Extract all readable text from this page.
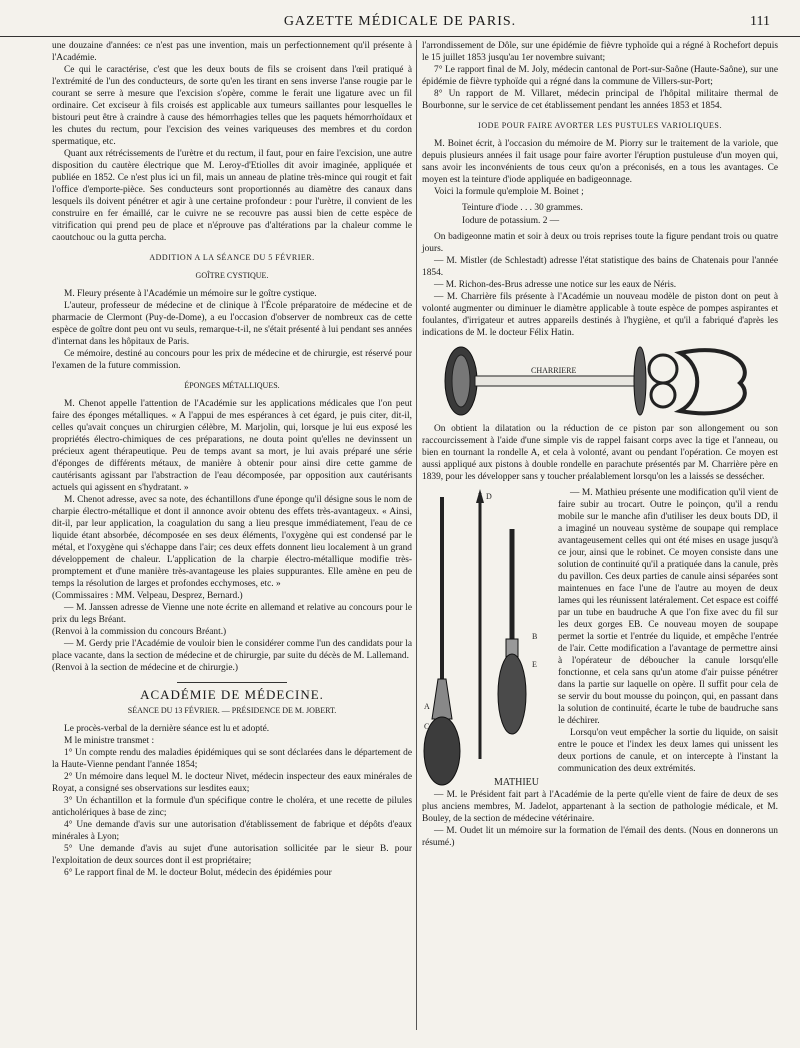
GAZETTE MÉDICALE DE PARIS.	111

une douzaine d'années: ce n'est pas une invention, mais un perfectionnement qu'il présente à l'Académie.

Ce qui le caractérise, c'est que les deux bouts de fils se croisent dans l'œil pratiqué à l'extrémité de l'un des conducteurs, de sorte qu'en les tirant en sens inverse l'anse rougie par le courant se serre à mesure que l'excision s'opère, comme le ferait une ligature avec un fil ordinaire. Cet exciseur à fils croisés est applicable aux tumeurs saillantes pour lesquelles le bistouri peut être à craindre à cause des hémorrhagies telles que les paquets hémorrhoïdaux et les chutes du rectum, pour l'excision des veines variqueuses des membres et du cordon spermatique, etc.

Quant aux rétrécissements de l'urètre et du rectum, il faut, pour en faire l'excision, une autre disposition du cautère électrique que M. Leroy-d'Etiolles dit avoir imaginée, appliquée et publiée en 1852. Ce n'est plus ici un fil, mais un anneau de platine très-mince qui rougit et fait l'office d'emporte-pièce. Ses conducteurs sont proportionnés au diamètre des canaux dans lesquels ils doivent pénétrer et agir à une certaine profondeur : pour l'urètre, il convient de les construire en fer émaillé, car le cuivre ne se recouvre pas aussi bien de cette espèce de vitrification qui prend peu de place et n'éprouve pas d'altérations par la chaleur comme le caoutchouc ou la gutta percha.

ADDITION A LA SÉANCE DU 5 FÉVRIER.
GOÎTRE CYSTIQUE.

M. Fleury présente à l'Académie un mémoire sur le goître cystique.

L'auteur, professeur de médecine et de clinique à l'École préparatoire de médecine et de pharmacie de Clermont (Puy-de-Dome), a eu l'occasion d'observer de nombreux cas de cette espèce de goître dont peu ont vu seuls, remarque-t-il, ne s'était présenté à lui pendant ses années d'internat dans les hôpitaux de Paris.

Ce mémoire, destiné au concours pour les prix de médecine et de chirurgie, est réservé pour l'examen de la future commission.

ÉPONGES MÉTALLIQUES.

M. Chenot appelle l'attention de l'Académie sur les applications médicales que l'on peut faire des éponges métalliques. « A l'appui de mes espérances à cet égard, je puis citer, dit-il, celles qu'avait conçues un chirurgien célèbre, M. Marjolin, qui, lorsque je lui eus exposé les propriétés électro-chimiques de ces préparations, ne douta point qu'elles ne devinssent un précieux agent thérapeutique. Peu de temps avant sa mort, je lui avais préparé une série d'éponges de différents métaux, de manière à obtenir pour ainsi dire cette gamme de cautérisants agissant par l'abstraction de l'eau décomposée, par opposition aux cautérisants actuels qui agissent en s'hydratant. »

M. Chenot adresse, avec sa note, des échantillons d'une éponge qu'il désigne sous le nom de charpie électro-métallique et dont il annonce avoir obtenu des effets très-avantageux. « Ainsi, dit-il, par leur application, la coagulation du sang a lieu presque immédiatement, l'eau de ce liquide étant absorbée, décomposée en ses deux éléments, l'oxygène qui est condensé par le métal, et l'oxygène qui s'échappe dans l'air; ces deux effets donnent lieu localement à un grand développement de chaleur. L'application de la charpie électro-métallique modifie très-promptement et d'une manière très-avantageuse les plaies suppurantes. Elle amène en peu de temps la résolution de larges et profondes ecchymoses, etc. »

(Commissaires : MM. Velpeau, Desprez, Bernard.)

— M. Janssen adresse de Vienne une note écrite en allemand et relative au concours pour le prix du legs Bréant.

(Renvoi à la commission du concours Bréant.)

— M. Gerdy prie l'Académie de vouloir bien le considérer comme l'un des candidats pour la place vacante, dans la section de médecine et de chirurgie, par suite du décès de M. Lallemand.

(Renvoi à la section de médecine et de chirurgie.)

ACADÉMIE DE MÉDECINE.
SÉANCE DU 13 FÉVRIER. — PRÉSIDENCE DE M. JOBERT.

Le procès-verbal de la dernière séance est lu et adopté.

M le ministre transmet :

1° Un compte rendu des maladies épidémiques qui se sont déclarées dans le département de la Haute-Vienne pendant l'année 1854;

2° Un mémoire dans lequel M. le docteur Nivet, médecin inspecteur des eaux minérales de Royat, a consigné ses observations sur lesdites eaux;

3° Un échantillon et la formule d'un spécifique contre le choléra, et une recette de pilules anticholériques à base de zinc;

4° Une demande d'avis sur une autorisation d'établissement de fabrique et dépôts d'eaux minérales à Lyon;

5° Une demande d'avis au sujet d'une autorisation sollicitée par le sieur B. pour l'exploitation de deux sources dont il est propriétaire;

6° Le rapport final de M. le docteur Bolut, médecin des épidémies pour

l'arrondissement de Dôle, sur une épidémie de fièvre typhoïde qui a régné à Rochefort depuis le 15 juillet 1853 jusqu'au 1er novembre suivant;

7° Le rapport final de M. Joly, médecin cantonal de Port-sur-Saône (Haute-Saône), sur une épidémie de fièvre typhoïde qui a régné dans la commune de Villers-sur-Port;

8° Un rapport de M. Villaret, médecin principal de l'hôpital militaire thermal de Bourbonne, sur le service de cet établissement pendant les années 1853 et 1854.

IODE POUR FAIRE AVORTER LES PUSTULES VARIOLIQUES.

M. Boinet écrit, à l'occasion du mémoire de M. Piorry sur le traitement de la variole, que depuis plusieurs années il fait usage pour faire avorter l'éruption pustuleuse d'un moyen qui, sans avoir les inconvénients de tous ceux qu'on a préconisés, en a tous les avantages. Ce moyen est la teinture d'iode appliquée en badigeonnage.

Voici la formule qu'emploie M. Boinet ;

Teinture d'iode . . . 30 grammes.
Iodure de potassium. 2 —

On badigeonne matin et soir à deux ou trois reprises toute la figure pendant trois ou quatre jours.

— M. Mistler (de Schlestadt) adresse l'état statistique des bains de Chatenais pour l'année 1854.

— M. Richon-des-Brus adresse une notice sur les eaux de Néris.

— M. Charrière fils présente à l'Académie un nouveau modèle de piston dont on peut à volonté augmenter ou diminuer le diamètre applicable à toute espèce de pompes aspirantes et foulantes, d'irrigateur et autres appareils destinés à l'hygiène, et qu'il a fabriqué d'après les indications de M. le docteur Félix Hatin.

CHARRIERE

On obtient la dilatation ou la réduction de ce piston par son allongement ou son raccourcissement à l'aide d'une simple vis de rappel faisant corps avec la tige et l'anneau, ou bien en tournant la rondelle A, et cela à volonté, avant ou pendant l'opération. Ce moyen est aussi appliqué aux pistons à double rondelle en parachute présentés par M. Charrière père en 1839, pour les développer sans y toucher préalablement lorsqu'on les a laissés se dessécher.

D
A
B
E
C
MATHIEU

— M. Mathieu présente une modification qu'il vient de faire subir au trocart. Outre le poinçon, qu'il a rendu mobile sur le manche afin d'utiliser les deux bouts DD, il a imaginé un nouveau système de soupape qui remplace avantageusement celles qui ont été mises en usage jusqu'à ce jour, ainsi que le robinet. Ce moyen consiste dans une solution de continuité qu'il a pratiquée dans la canule, près du pavillon. Ces deux parties de canule ainsi séparées sont maintenues en face l'une de l'autre au moyen de deux lames qui les réunissent latéralement. Cet espace est coiffé par un tube en baudruche A que l'on fixe avec du fil sur les deux gorges EB. Ce nouveau moyen de soupape permet la sortie et l'entrée du liquide, et empêche l'entrée de l'air. Cette modification a l'avantage de permettre ainsi à l'opérateur de déboucher la canule lorsqu'elle fonctionne, et cela sans qu'un atome d'air puisse pénétrer dans la partie sur laquelle on opère. Il suffit pour cela de se servir du bout mousse du poinçon, qui, en passant dans la solution de continuité, écarte le tube de baudruche sans le déchirer.

Lorsqu'on veut empêcher la sortie du liquide, on saisit entre le pouce et l'index les deux lames qui unissent les deux portions de canule, et on intercepte à l'instant la communication des deux extrémités.

— M. le Président fait part à l'Académie de la perte qu'elle vient de faire de deux de ses plus anciens membres, M. Jadelot, appartenant à la section de pathologie médicale, et M. Bouley, de la section de médecine vétérinaire.

— M. Oudet lit un mémoire sur la formation de l'émail des dents. (Nous en donnerons un résumé.)
